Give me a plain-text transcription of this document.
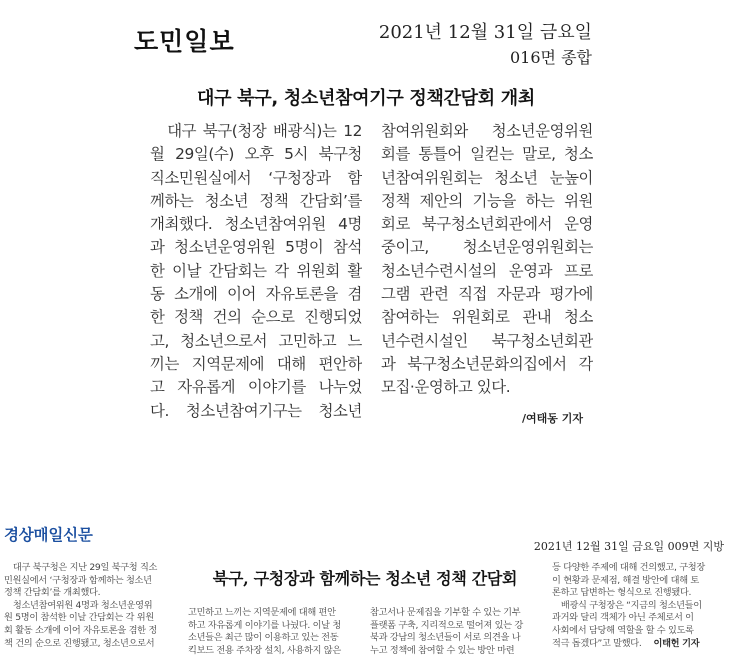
도민일보	2021년 12월 31일 금요일
016면 종합
대구 북구, 청소년참여기구 정책간담회 개최
　대구 북구(청장 배광식)는 12
월 29일(수) 오후 5시 북구청
직소민원실에서 ‘구청장과 함
께하는 청소년 정책 간담회’를
개최했다. 청소년참여위원 4명
과 청소년운영위원 5명이 참석
한 이날 간담회는 각 위원회 활
동 소개에 이어 자유토론을 겸
한 정책 건의 순으로 진행되었
고, 청소년으로서 고민하고 느
끼는 지역문제에 대해 편안하
고 자유롭게 이야기를 나누었
다. 청소년참여기구는 청소년
참여위원회와 청소년운영위원
회를 통틀어 일컫는 말로, 청소
년참여위원회는 청소년 눈높이
정책 제안의 기능을 하는 위원
회로 북구청소년회관에서 운영
중이고, 청소년운영위원회는
청소년수련시설의 운영과 프로
그램 관련 직접 자문과 평가에
참여하는 위원회로 관내 청소
년수련시설인 북구청소년회관
과 북구청소년문화의집에서 각
모집·운영하고 있다.
/여태동 기자
경상매일신문
2021년 12월 31일 금요일 009면 지방
북구, 구청장과 함께하는 청소년 정책 간담회
　대구 북구청은 지난 29일 북구청 직소
민원실에서 ‘구청장과 함께하는 청소년
정책 간담회’를 개최했다.
　청소년참여위원 4명과 청소년운영위
원 5명이 참석한 이날 간담회는 각 위원
회 활동 소개에 이어 자유토론을 겸한 정
책 건의 순으로 진행됐고, 청소년으로서
고민하고 느끼는 지역문제에 대해 편안
하고 자유롭게 이야기를 나눴다. 이날 청
소년들은 최근 많이 이용하고 있는 전동
킥보드 전용 주차장 설치, 사용하지 않은
참고서나 문제집을 기부할 수 있는 기부
플랫폼 구축, 지리적으로 떨어져 있는 강
북과 강남의 청소년들이 서로 의견을 나
누고 정책에 참여할 수 있는 방안 마련
등 다양한 주제에 대해 건의했고, 구청장
이 현황과 문제점, 해결 방안에 대해 토
론하고 답변하는 형식으로 진행됐다.
　배광식 구청장은 “지금의 청소년들이
과거와 달리 객체가 아닌 주체로서 이
사회에서 담당해 역할을 할 수 있도록
적극 돕겠다”고 말했다. 이태헌 기자
